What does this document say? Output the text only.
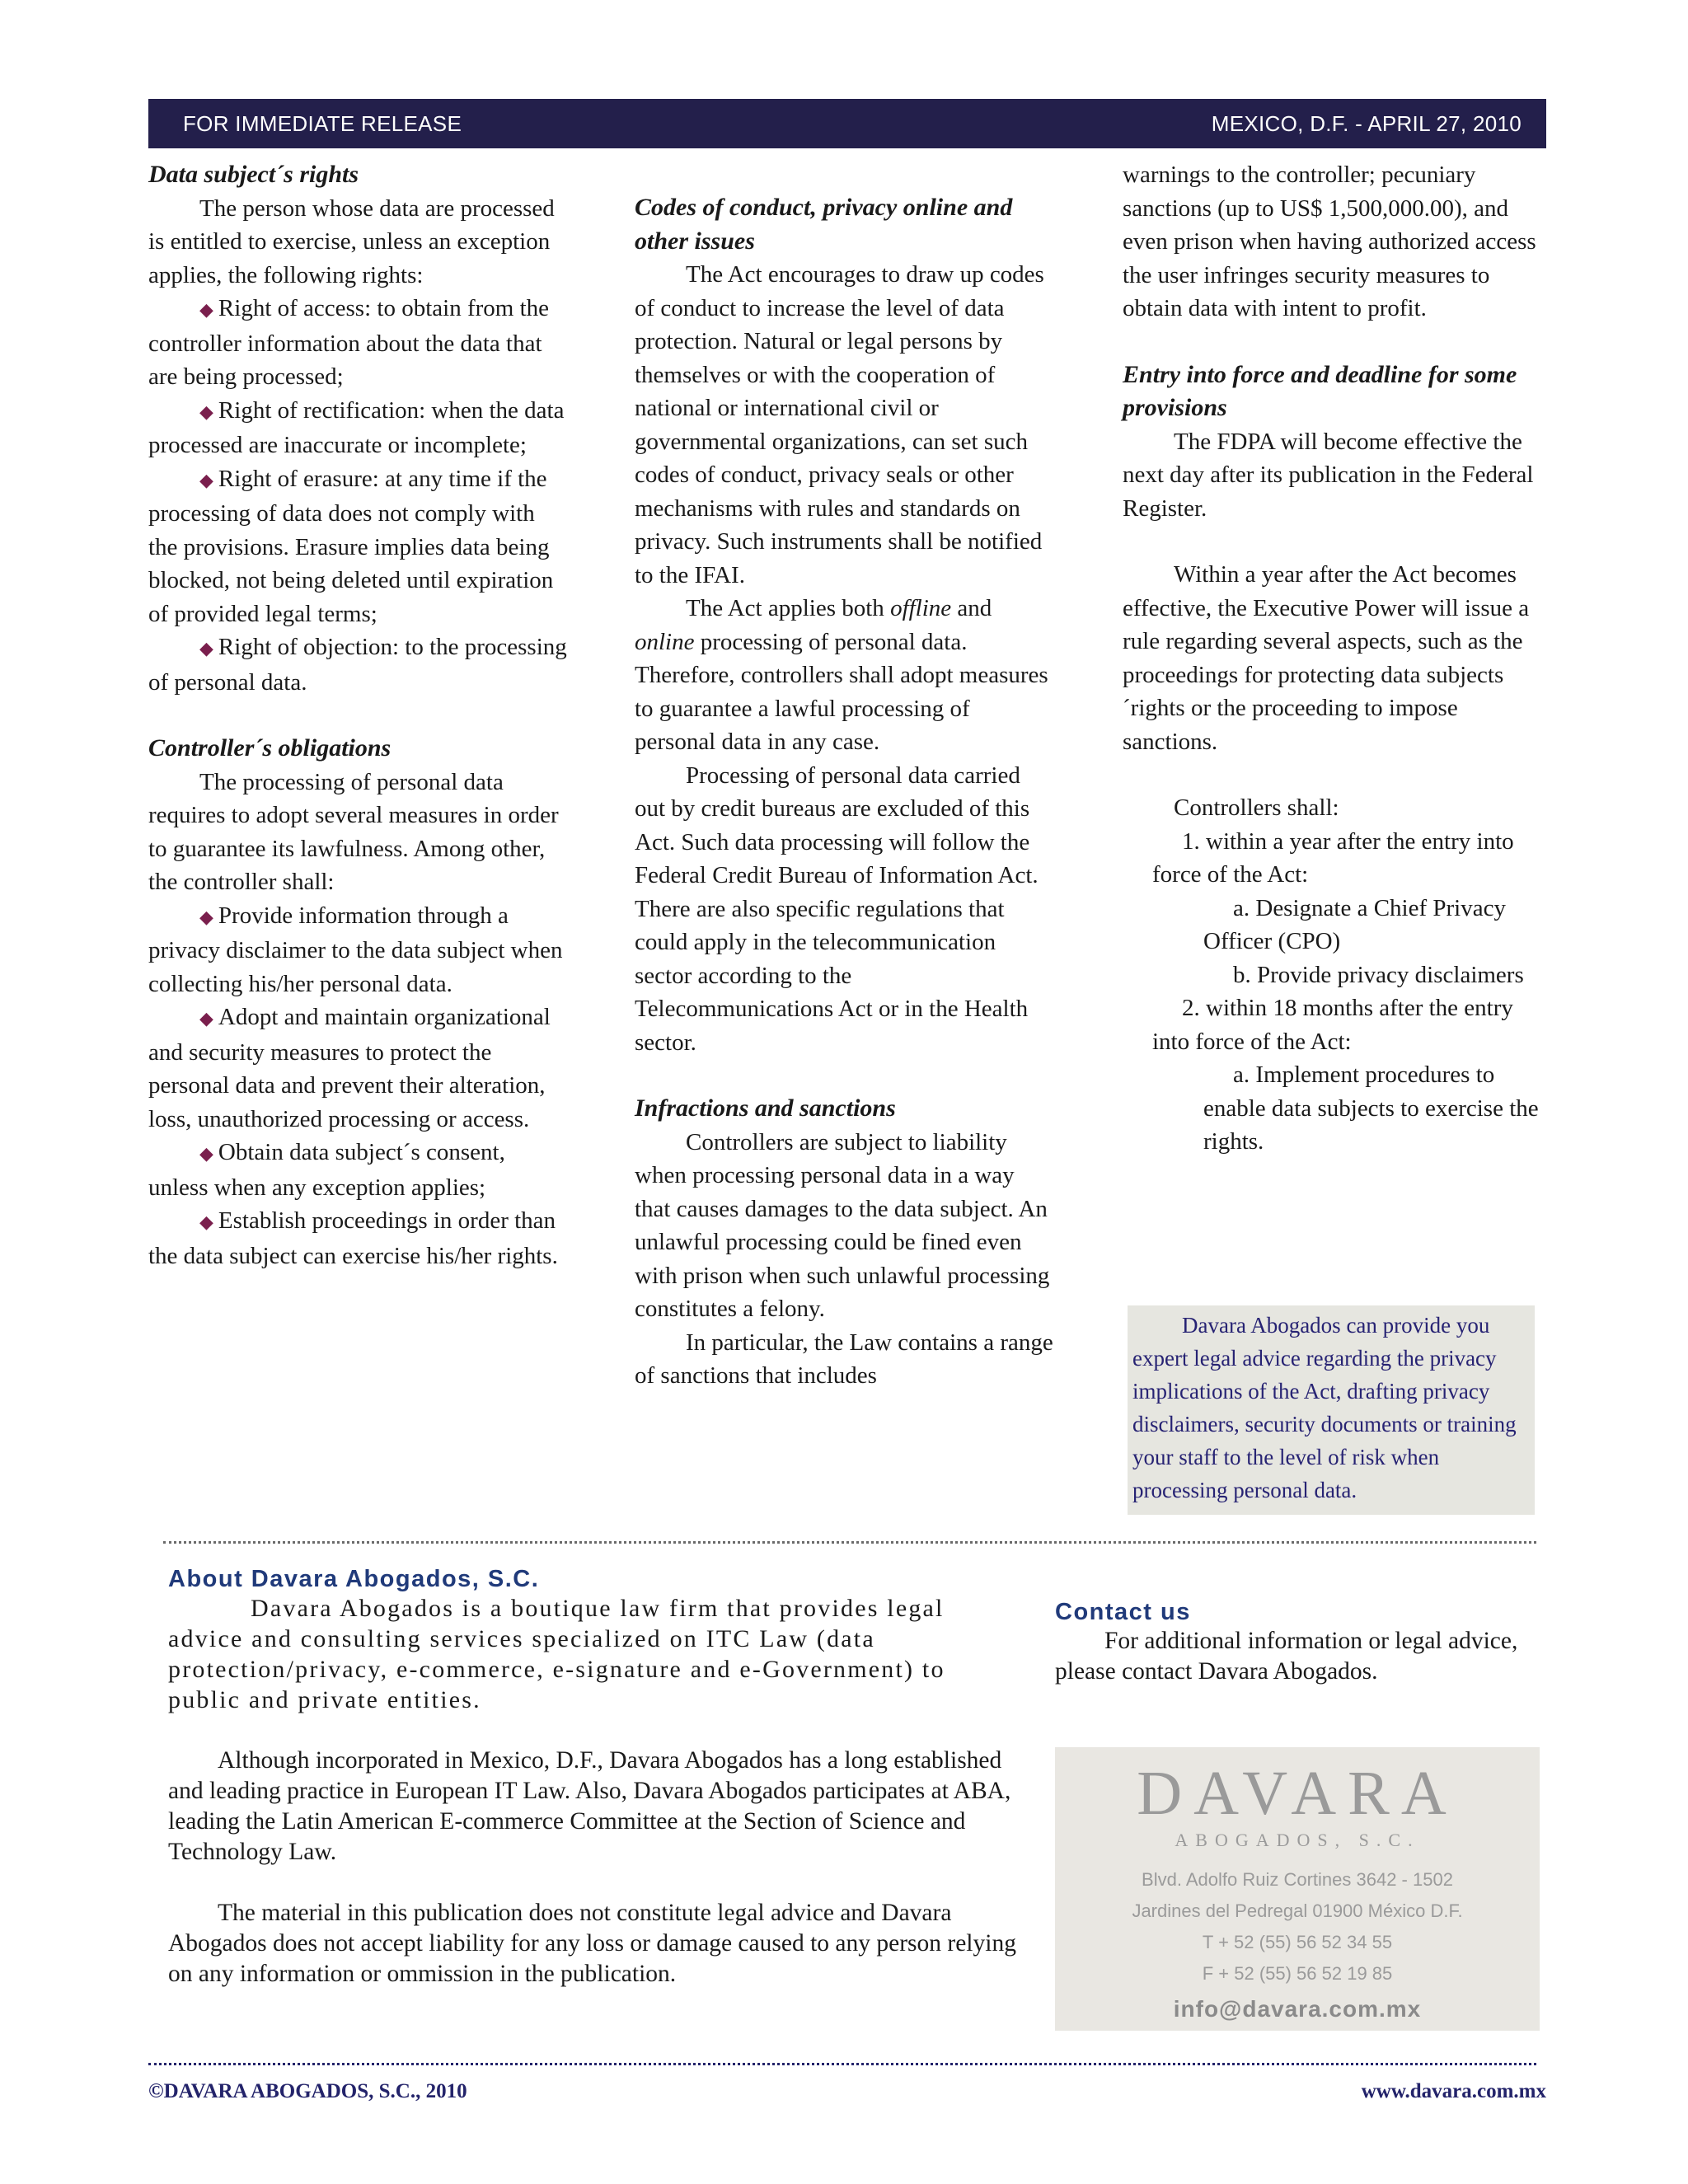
FOR IMMEDIATE RELEASE	MEXICO, D.F. - APRIL 27, 2010

Data subject´s rights

The person whose data are processed is entitled to exercise, unless an exception applies, the following rights:

◆ Right of access: to obtain from the controller information about the data that are being processed;

◆ Right of rectification: when the data processed are inaccurate or incomplete;

◆ Right of erasure: at any time if the processing of data does not comply with the provisions. Erasure implies data being blocked, not being deleted until expiration of provided legal terms;

◆ Right of objection: to the processing of personal data.

Controller´s obligations

The processing of personal data requires to adopt several measures in order to guarantee its lawfulness. Among other, the controller shall:

◆ Provide information through a privacy disclaimer to the data subject when collecting his/her personal data.

◆ Adopt and maintain organizational and security measures to protect the personal data and prevent their alteration, loss, unauthorized processing or access.

◆ Obtain data subject´s consent, unless when any exception applies;

◆ Establish proceedings in order than the data subject can exercise his/her rights.

Codes of conduct, privacy online and other issues

The Act encourages to draw up codes of conduct to increase the level of data protection. Natural or legal persons by themselves or with the cooperation of national or international civil or governmental organizations, can set such codes of conduct, privacy seals or other mechanisms with rules and standards on privacy. Such instruments shall be notified to the IFAI.

The Act applies both offline and online processing of personal data. Therefore, controllers shall adopt measures to guarantee a lawful processing of personal data in any case.

Processing of personal data carried out by credit bureaus are excluded of this Act. Such data processing will follow the Federal Credit Bureau of Information Act. There are also specific regulations that could apply in the telecommunication sector according to the Telecommunications Act or in the Health sector.

Infractions and sanctions

Controllers are subject to liability when processing personal data in a way that causes damages to the data subject. An unlawful processing could be fined even with prison when such unlawful processing constitutes a felony.

In particular, the Law contains a range of sanctions that includes

warnings to the controller; pecuniary sanctions (up to US$ 1,500,000.00), and even prison when having authorized access the user infringes security measures to obtain data with intent to profit.

Entry into force and deadline for some provisions

The FDPA will become effective the next day after its publication in the Federal Register.

Within a year after the Act becomes effective, the Executive Power will issue a rule regarding several aspects, such as the proceedings for protecting data subjects´rights or the proceeding to impose sanctions.

Controllers shall:

1. within a year after the entry into force of the Act:

a. Designate a Chief Privacy Officer (CPO)

b. Provide privacy disclaimers

2. within 18 months after the entry into force of the Act:

a. Implement procedures to enable data subjects to exercise the rights.

Davara Abogados can provide you expert legal advice regarding the privacy implications of the Act, drafting privacy disclaimers, security documents or training your staff to the level of risk when processing personal data.

About Davara Abogados, S.C.

Davara Abogados is a boutique law firm that provides legal advice and consulting services specialized on ITC Law (data protection/privacy, e-commerce, e-signature and e-Government) to public and private entities.

Although incorporated in Mexico, D.F., Davara Abogados has a long established and leading practice in European IT Law. Also, Davara Abogados participates at ABA, leading the Latin American E-commerce Committee at the Section of Science and Technology Law.

The material in this publication does not constitute legal advice and Davara Abogados does not accept liability for any loss or damage caused to any person relying on any information or ommission in the publication.

Contact us

For additional information or legal advice, please contact Davara Abogados.

DAVARA
ABOGADOS, S.C.
Blvd. Adolfo Ruiz Cortines 3642 - 1502
Jardines del Pedregal 01900 México D.F.
T + 52 (55) 56 52 34 55
F + 52 (55) 56 52 19 85
info@davara.com.mx
©DAVARA ABOGADOS, S.C., 2010	www.davara.com.mx
